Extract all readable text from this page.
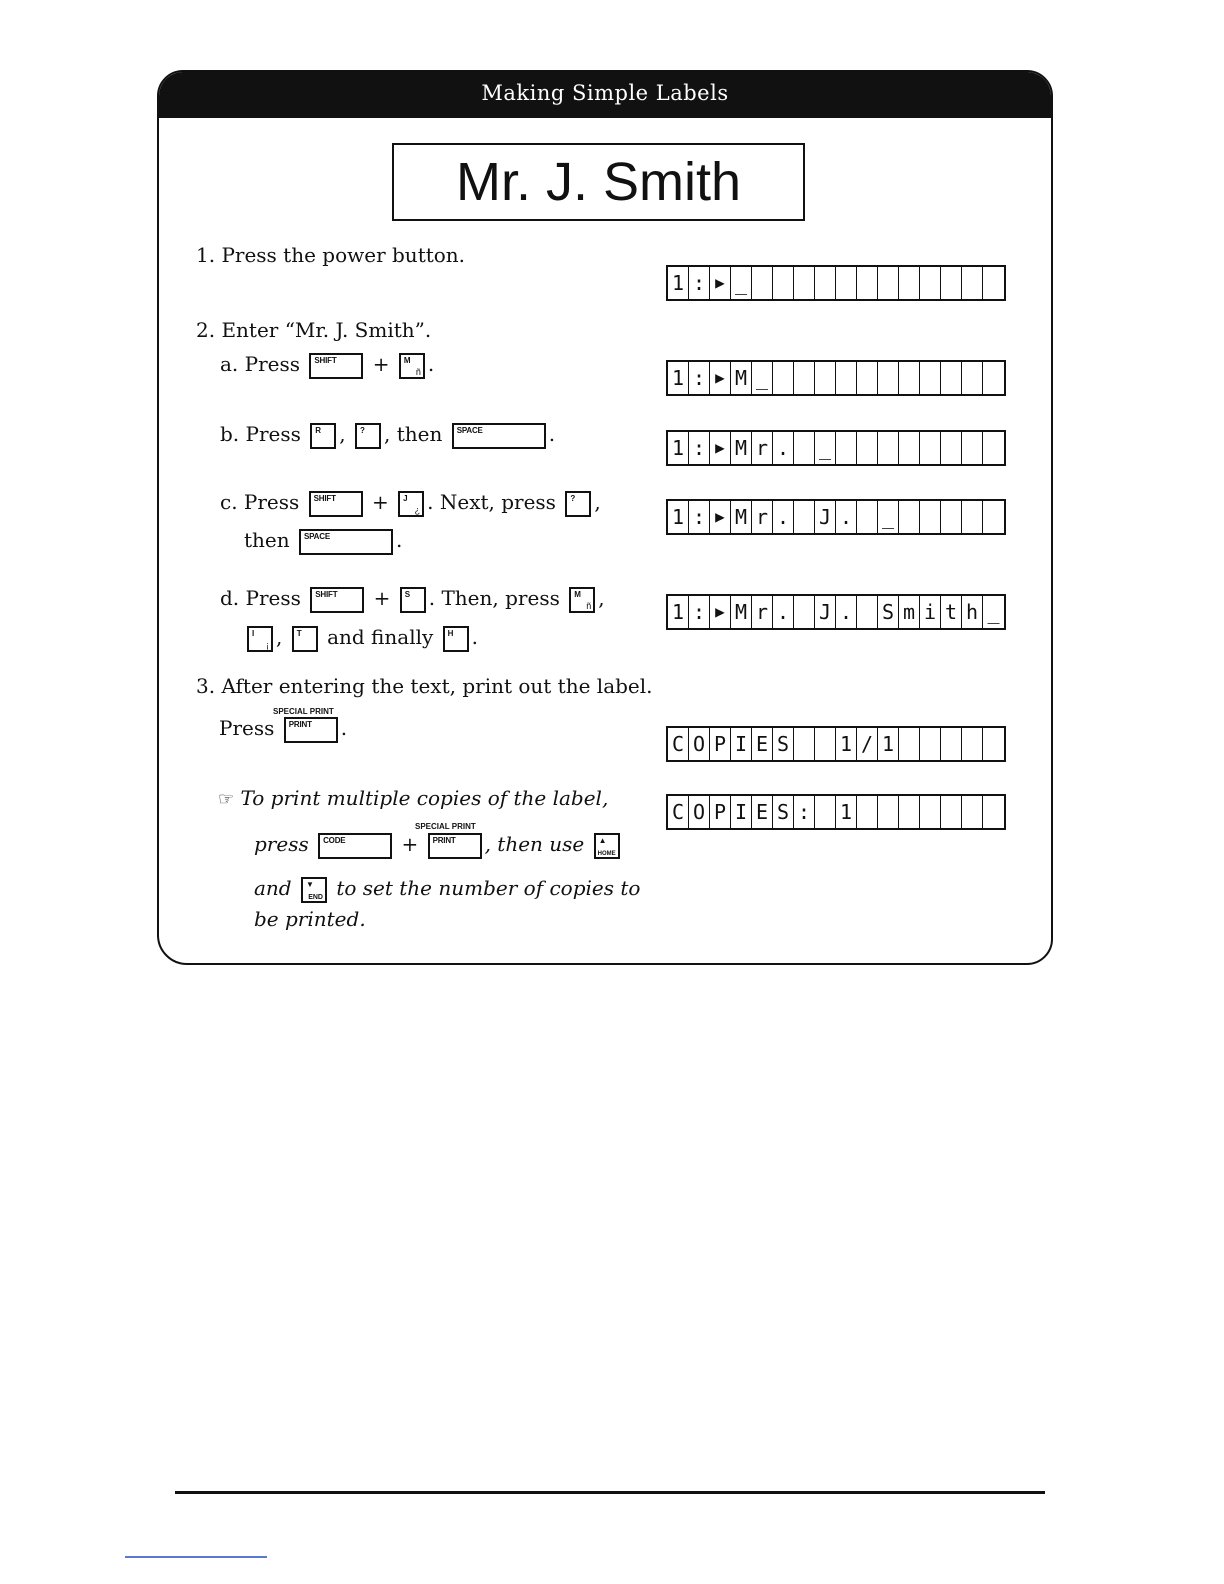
Making Simple Labels
Mr. J. Smith
1. Press the power button.
2. Enter “Mr. J. Smith”.
a. Press SHIFT + M
ñ .
b. Press R , ? , then SPACE	.
c. Press SHIFT + J
¿ . Next, press ? ,
then SPACE	.
d. Press SHIFT + S . Then, press M
ñ ,
I
¡ , T and finally H .
3. After entering the text, print out the label.
SPECIAL PRINT
Press PRINT .
☞ To print multiple copies of the label,
SPECIAL PRINT
press CODE	+ PRINT , then use ▲
HOME
and ▼
END to set the number of copies to
be printed.
1 : ▶ _
1 : ▶ M _
1 : ▶ M r . _
1 : ▶ M r . J . _
1 : ▶ M r . J . S m i t h _
C O P I E S	1 / 1
C O P I E S : 1
